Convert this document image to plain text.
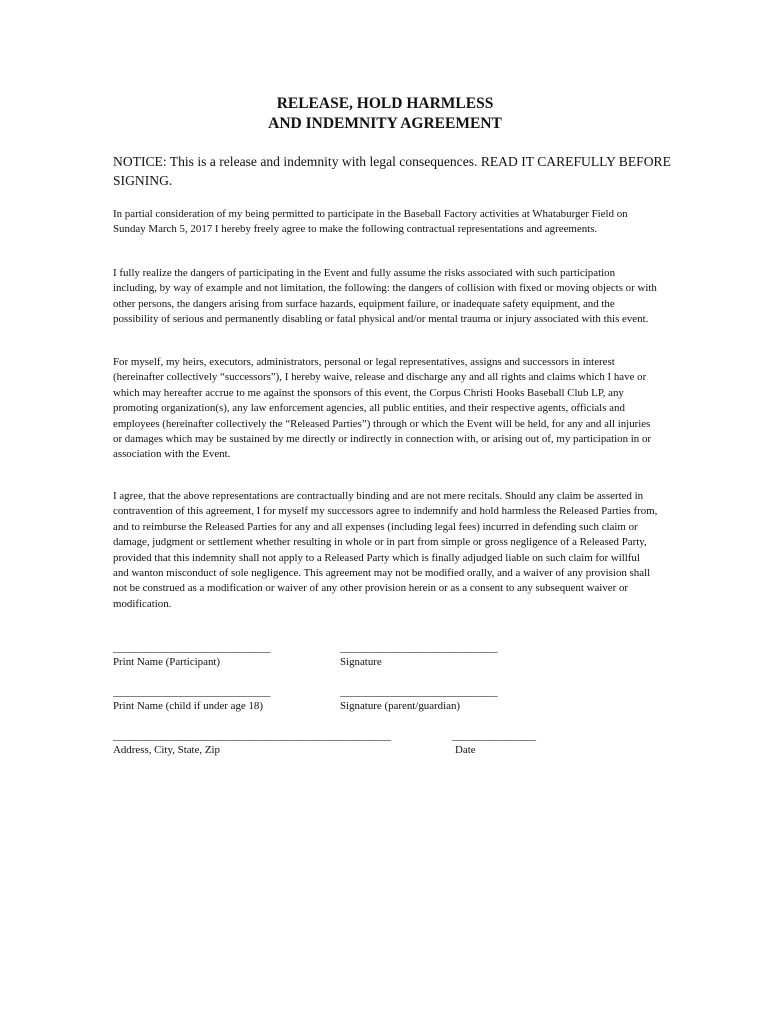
RELEASE, HOLD HARMLESS
AND INDEMNITY AGREEMENT
NOTICE: This is a release and indemnity with legal consequences. READ IT CAREFULLY BEFORE SIGNING.

In partial consideration of my being permitted to participate in the Baseball Factory activities at Whataburger Field on Sunday March 5, 2017 I hereby freely agree to make the following contractual representations and agreements.

I fully realize the dangers of participating in the Event and fully assume the risks associated with such participation including, by way of example and not limitation, the following: the dangers of collision with fixed or moving objects or with other persons, the dangers arising from surface hazards, equipment failure, or inadequate safety equipment, and the possibility of serious and permanently disabling or fatal physical and/or mental trauma or injury associated with this event.

For myself, my heirs, executors, administrators, personal or legal representatives, assigns and successors in interest (hereinafter collectively “successors”), I hereby waive, release and discharge any and all rights and claims which I have or which may hereafter accrue to me against the sponsors of this event, the Corpus Christi Hooks Baseball Club LP, any promoting organization(s), any law enforcement agencies, all public entities, and their respective agents, officials and employees (hereinafter collectively the “Released Parties”) through or which the Event will be held, for any and all injuries or damages which may be sustained by me directly or indirectly in connection with, or arising out of, my participation in or association with the Event.

I agree, that the above representations are contractually binding and are not mere recitals. Should any claim be asserted in contravention of this agreement, I for myself my successors agree to indemnify and hold harmless the Released Parties from, and to reimburse the Released Parties for any and all expenses (including legal fees) incurred in defending such claim or damage, judgment or settlement whether resulting in whole or in part from simple or gross negligence of a Released Party, provided that this indemnity shall not apply to a Released Party which is finally adjudged liable on such claim for willful and wanton misconduct of sole negligence. This agreement may not be modified orally, and a waiver of any provision shall not be construed as a modification or waiver of any other provision herein or as a consent to any subsequent waiver or modification.

______________________________	______________________________
Print Name (Participant)	Signature
______________________________	______________________________
Print Name (child if under age 18)	Signature (parent/guardian)
_____________________________________________________	________________
Address, City, State, Zip	Date
